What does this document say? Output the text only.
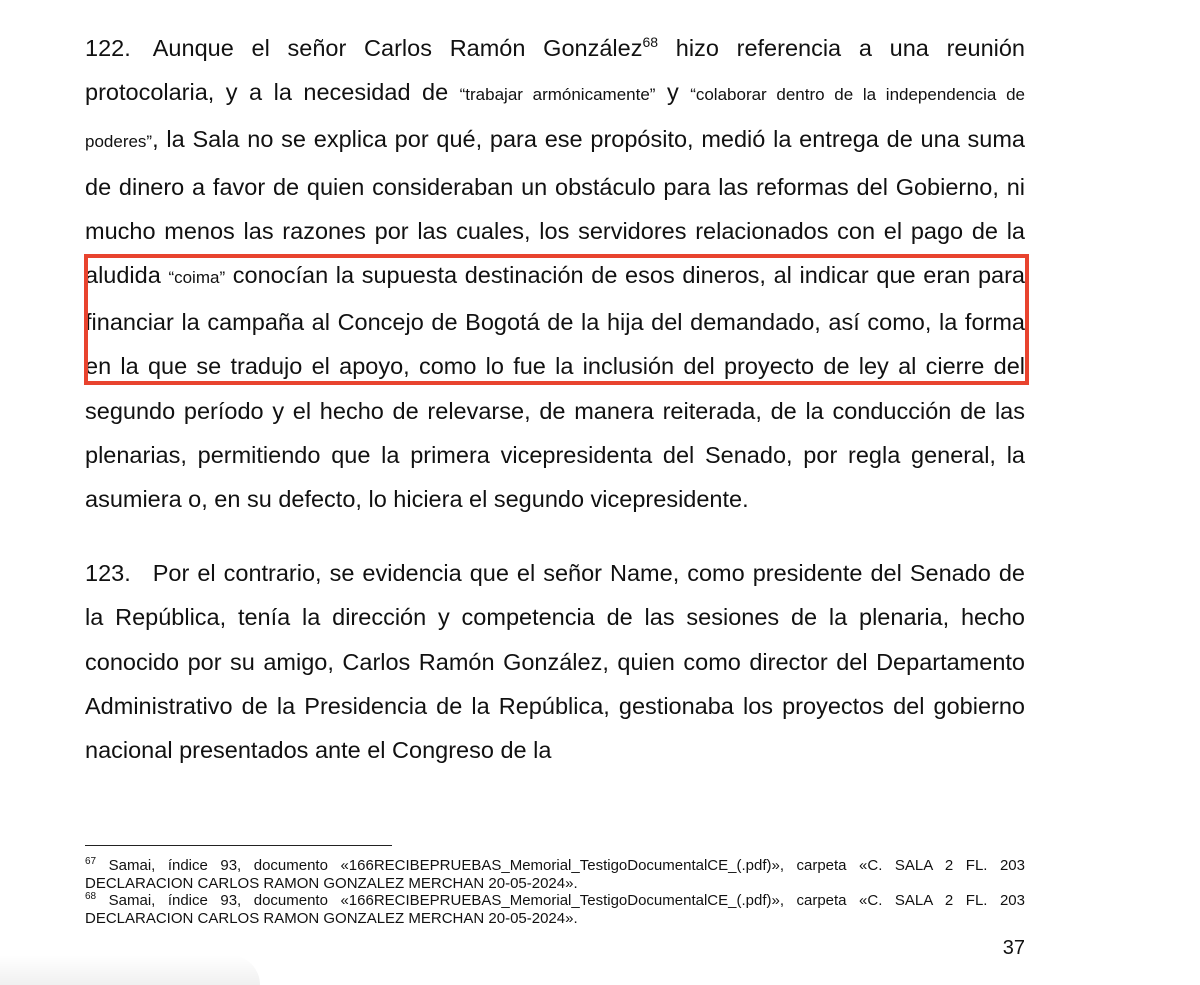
122. Aunque el señor Carlos Ramón González$^{68}$ hizo referencia a una reunión protocolaria, y a la necesidad de “trabajar armónicamente” y “colaborar dentro de la independencia de poderes”, la Sala no se explica por qué, para ese propósito, medió la entrega de una suma de dinero a favor de quien consideraban un obstáculo para las reformas del Gobierno, ni mucho menos las razones por las cuales, los servidores relacionados con el pago de la aludida “coima” conocían la supuesta destinación de esos dineros, al indicar que eran para financiar la campaña al Concejo de Bogotá de la hija del demandado, así como, la forma en la que se tradujo el apoyo, como lo fue la inclusión del proyecto de ley al cierre del segundo período y el hecho de relevarse, de manera reiterada, de la conducción de las plenarias, permitiendo que la primera vicepresidenta del Senado, por regla general, la asumiera o, en su defecto, lo hiciera el segundo vicepresidente.

123. Por el contrario, se evidencia que el señor Name, como presidente del Senado de la República, tenía la dirección y competencia de las sesiones de la plenaria, hecho conocido por su amigo, Carlos Ramón González, quien como director del Departamento Administrativo de la Presidencia de la República, gestionaba los proyectos del gobierno nacional presentados ante el Congreso de la

$^{67}$ Samai, índice 93, documento «166RECIBEPRUEBAS_Memorial_TestigoDocumentalCE_(.pdf)», carpeta «C. SALA 2 FL. 203 DECLARACION CARLOS RAMON GONZALEZ MERCHAN 20-05-2024».

$^{68}$ Samai, índice 93, documento «166RECIBEPRUEBAS_Memorial_TestigoDocumentalCE_(.pdf)», carpeta «C. SALA 2 FL. 203 DECLARACION CARLOS RAMON GONZALEZ MERCHAN 20-05-2024».

37
